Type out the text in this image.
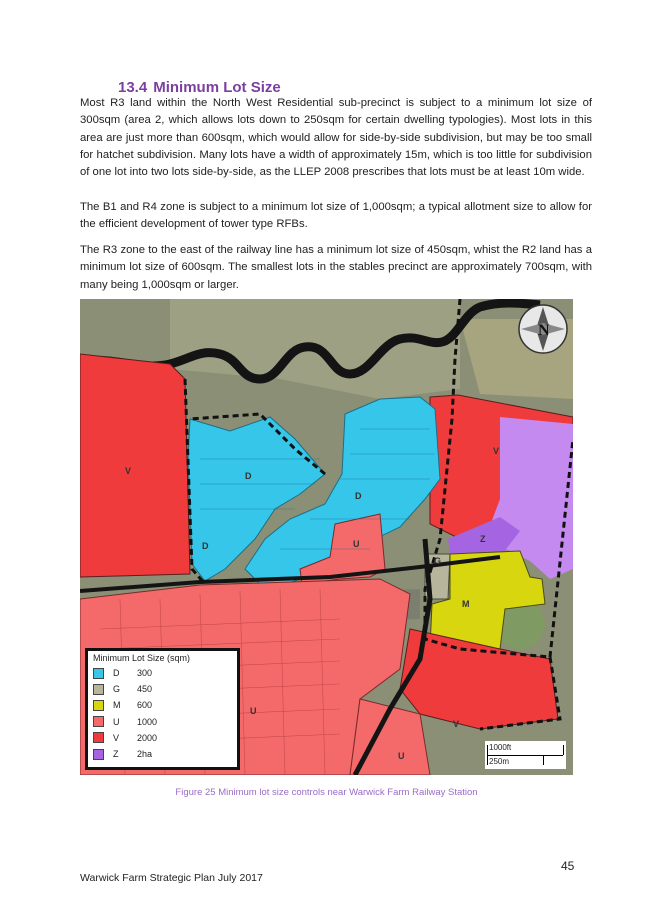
13.4 Minimum Lot Size

Most R3 land within the North West Residential sub-precinct is subject to a minimum lot size of 300sqm (area 2, which allows lots down to 250sqm for certain dwelling typologies). Most lots in this area are just more than 600sqm, which would allow for side-by-side subdivision, but may be too small for hatchet subdivision. Many lots have a width of approximately 15m, which is too little for subdivision of one lot into two lots side-by-side, as the LLEP 2008 prescribes that lots must be at least 10m wide.

The B1 and R4 zone is subject to a minimum lot size of 1,000sqm; a typical allotment size to allow for the efficient development of tower type RFBs.

The R3 zone to the east of the railway line has a minimum lot size of 450sqm, whist the R2 land has a minimum lot size of 600sqm. The smallest lots in the stables precinct are approximately 700sqm, with many being 1,000sqm or larger.

V	D
D
D
U
V
Z
G
M
U
V
U
N
Minimum Lot Size (sqm)
D	300
G	450
M	600
U	1000
V	2000
Z	2ha
1000ft
250m

Figure 25 Minimum lot size controls near Warwick Farm Railway Station

45
Warwick Farm Strategic Plan July 2017
